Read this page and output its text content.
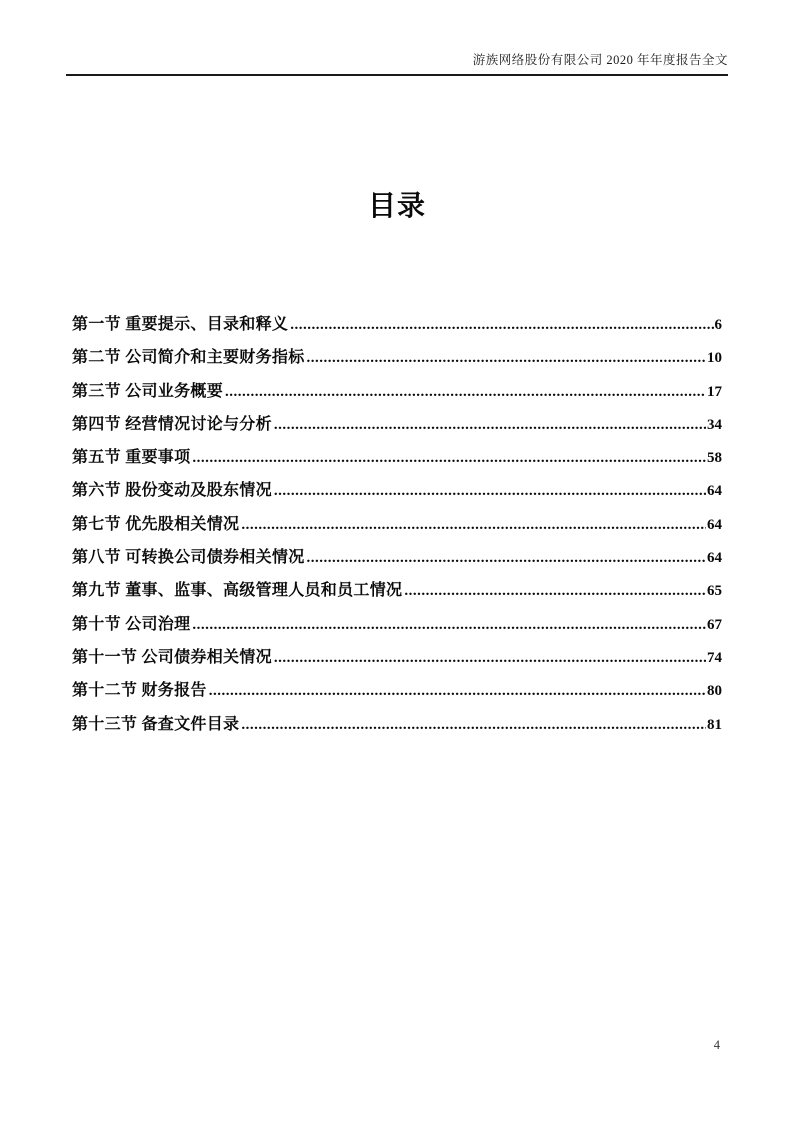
游族网络股份有限公司 2020 年年度报告全文
目录
第一节 重要提示、目录和释义 .....	6
第二节 公司简介和主要财务指标 .....	10
第三节 公司业务概要 .....	17
第四节 经营情况讨论与分析 .....	34
第五节 重要事项 .....	58
第六节 股份变动及股东情况 .....	64
第七节 优先股相关情况 .....	64
第八节 可转换公司债券相关情况 .....	64
第九节 董事、监事、高级管理人员和员工情况 .....	65
第十节 公司治理 .....	67
第十一节 公司债券相关情况 .....	74
第十二节 财务报告 .....	80
第十三节 备查文件目录 .....	81
4
